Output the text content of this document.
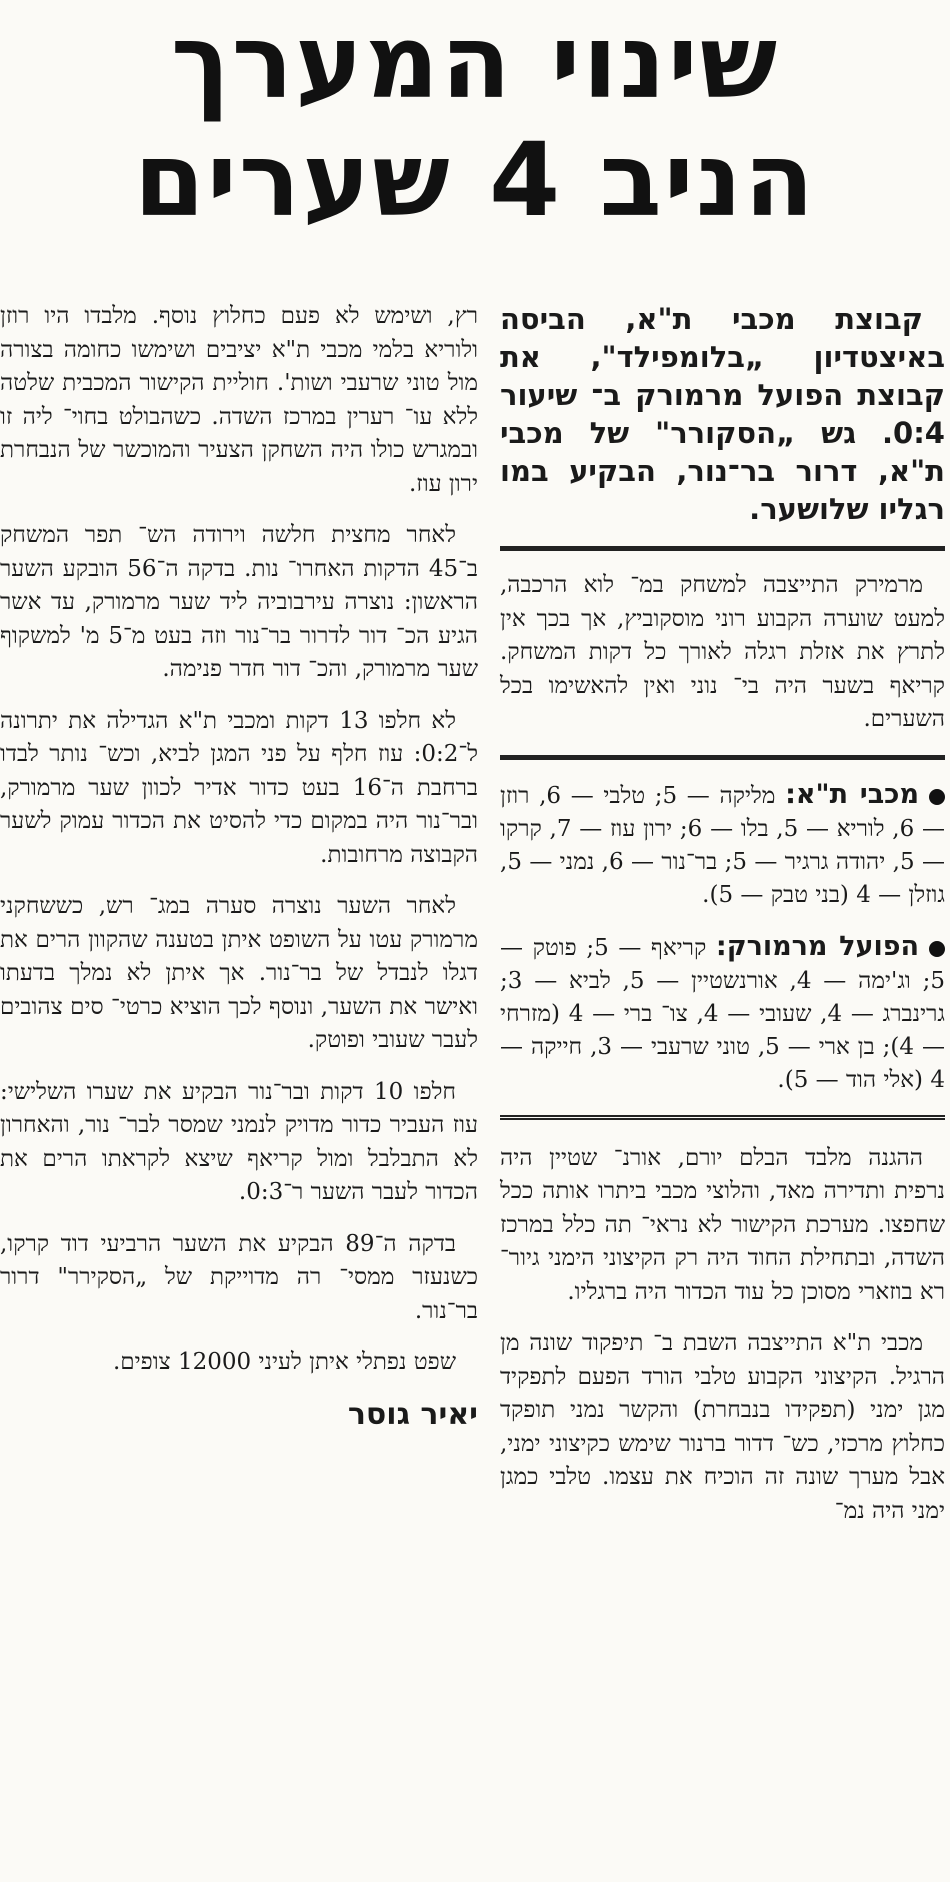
שינוי המערך
הניב 4 שערים

קבוצת מכבי ת"א, הביסה באיצטדיון „בלומפילד", את קבוצת הפועל מרמורק ב־ שיעור 0:4. גש „הסקורר" של מכבי ת"א, דרור בר־נור, הבקיע במו רגליו שלושער.

מרמירק התייצבה למשחק במ־ לוא הרכבה, למעט שוערה הקבוע רוני מוסקוביץ, אך בכך אין לתרץ את אזלת רגלה לאורך כל דקות המשחק. קריאף בשער היה בי־ נוני ואין להאשימו בכל השערים.

מכבי ת"א: מליקה — 5; טלבי — 6, רוזן — 6, לוריא — 5, בלו — 6; ירון עוז — 7, קרקו — 5, יהודה גרגיר — 5; בר־נור — 6, נמני — 5, גוזלן — 4 (בני טבק — 5).

הפועל מרמורק: קריאף — 5; פוטק — 5; וג'ימה — 4, אורנשטיין — 5, לביא — 3; גרינברג — 4, שעובי — 4, צו־ ברי — 4 (מזרחי — 4); בן ארי — 5, טוני שרעבי — 3, חייקה — 4 (אלי הוד — 5).

ההגנה מלבד הבלם יורם, אורנ־ שטיין היה נרפית ותדירה מאד, והלוצי מכבי ביתרו אותה ככל שחפצו. מערכת הקישור לא נראי־ תה כלל במרכז השדה, ובתחילת החוד היה רק הקיצוני הימני גיור־ רא בוזארי מסוכן כל עוד הכדור היה ברגליו.

מכבי ת"א התייצבה השבת ב־ תיפקוד שונה מן הרגיל. הקיצוני הקבוע טלבי הורד הפעם לתפקיד מגן ימני (תפקידו בנבחרת) והקשר נמני תופקד כחלוץ מרכזי, כש־ דדור ברנור שימש כקיצוני ימני, אבל מערך שונה זה הוכיח את עצמו. טלבי כמגן ימני היה נמ־

רץ, ושימש לא פעם כחלוץ נוסף. מלבדו היו רוזן ולוריא בלמי מכבי ת"א יציבים ושימשו כחומה בצורה מול טוני שרעבי ושות'. חוליית הקישור המכבית שלטה ללא עו־ רערין במרכז השדה. כשהבולט בחוי־ ליה זו ובמגרש כולו היה השחקן הצעיר והמוכשר של הנבחרת ירון עוז.

לאחר מחצית חלשה וירודה הש־ תפר המשחק ב־45 הדקות האחרו־ נות. בדקה ה־56 הובקע השער הראשון: נוצרה עירבוביה ליד שער מרמורק, עד אשר הגיע הכ־ דור לדרור בר־נור וזה בעט מ־5 מ' למשקוף שער מרמורק, והכ־ דור חדר פנימה.

לא חלפו 13 דקות ומכבי ת"א הגדילה את יתרונה ל־0:2: עוז חלף על פני המגן לביא, וכש־ נותר לבדו ברחבת ה־16 בעט כדור אדיר לכוון שער מרמורק, ובר־נור היה במקום כדי להסיט את הכדור עמוק לשער הקבוצה מרחובות.

לאחר השער נוצרה סערה במג־ רש, כששחקני מרמורק עטו על השופט איתן בטענה שהקוון הרים את דגלו לנבדל של בר־נור. אך איתן לא נמלך בדעתו ואישר את השער, ונוסף לכך הוציא כרטי־ סים צהובים לעבר שעובי ופוטק.

חלפו 10 דקות ובר־נור הבקיע את שערו השלישי: עוז העביר כדור מדויק לנמני שמסר לבר־ נור, והאחרון לא התבלבל ומול קריאף שיצא לקראתו הרים את הכדור לעבר השער ר־0:3.

בדקה ה־89 הבקיע את השער הרביעי דוד קרקו, כשנעזר ממסי־ רה מדוייקת של „הסקירר" דרור בר־נור.

שפט נפתלי איתן לעיני 12000 צופים.

יאיר גוסר
